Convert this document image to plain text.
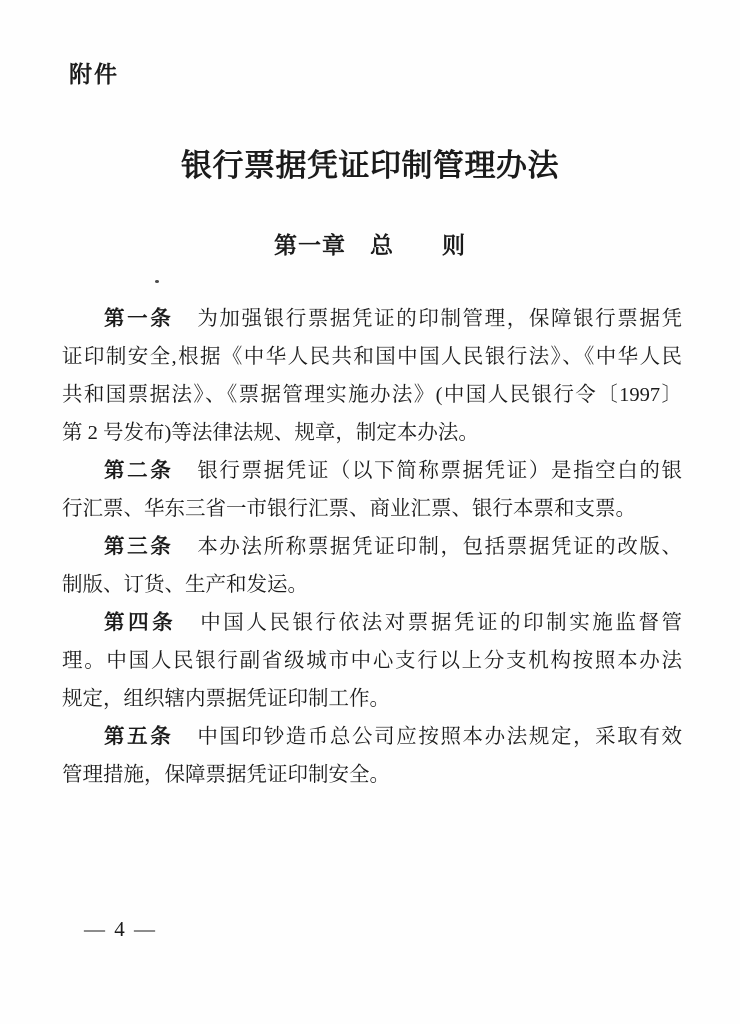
附件
银行票据凭证印制管理办法
第一章　总　　则
第一条 为加强银行票据凭证的印制管理，保障银行票据凭
证印制安全,根据《中华人民共和国中国人民银行法》、《中华人民
共和国票据法》、《票据管理实施办法》(中国人民银行令〔1997〕
第 2 号发布)等法律法规、规章，制定本办法。
第二条 银行票据凭证（以下简称票据凭证）是指空白的银
行汇票、华东三省一市银行汇票、商业汇票、银行本票和支票。
第三条 本办法所称票据凭证印制，包括票据凭证的改版、
制版、订货、生产和发运。
第四条 中国人民银行依法对票据凭证的印制实施监督管
理。中国人民银行副省级城市中心支行以上分支机构按照本办法
规定，组织辖内票据凭证印制工作。
第五条 中国印钞造币总公司应按照本办法规定，采取有效
管理措施，保障票据凭证印制安全。
— 4 —
